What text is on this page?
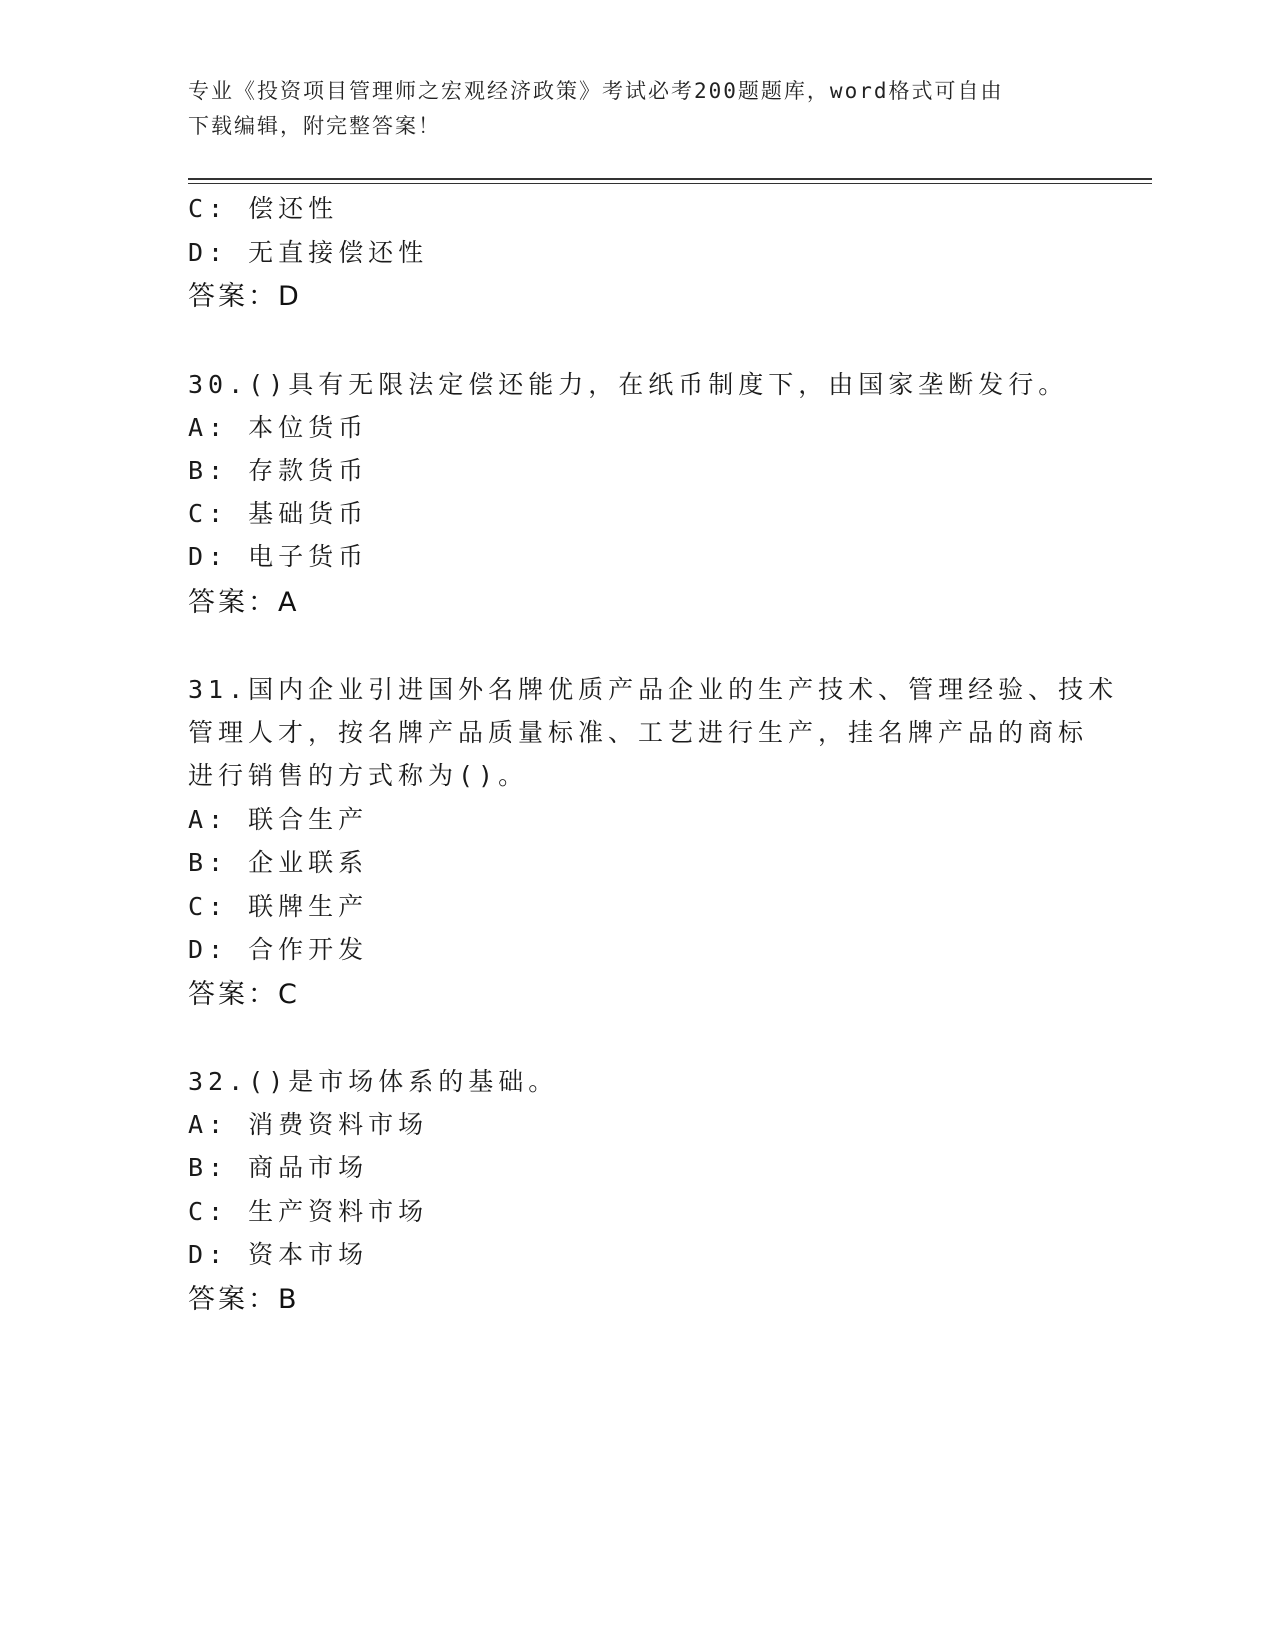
专业《投资项目管理师之宏观经济政策》考试必考200题题库，word格式可自由
下载编辑，附完整答案！
C: 偿还性
D: 无直接偿还性
答案：D
30.()具有无限法定偿还能力，在纸币制度下，由国家垄断发行。
A: 本位货币
B: 存款货币
C: 基础货币
D: 电子货币
答案：A
31.国内企业引进国外名牌优质产品企业的生产技术、管理经验、技术
管理人才，按名牌产品质量标准、工艺进行生产，挂名牌产品的商标
进行销售的方式称为()。
A: 联合生产
B: 企业联系
C: 联牌生产
D: 合作开发
答案：C
32.()是市场体系的基础。
A: 消费资料市场
B: 商品市场
C: 生产资料市场
D: 资本市场
答案：B
